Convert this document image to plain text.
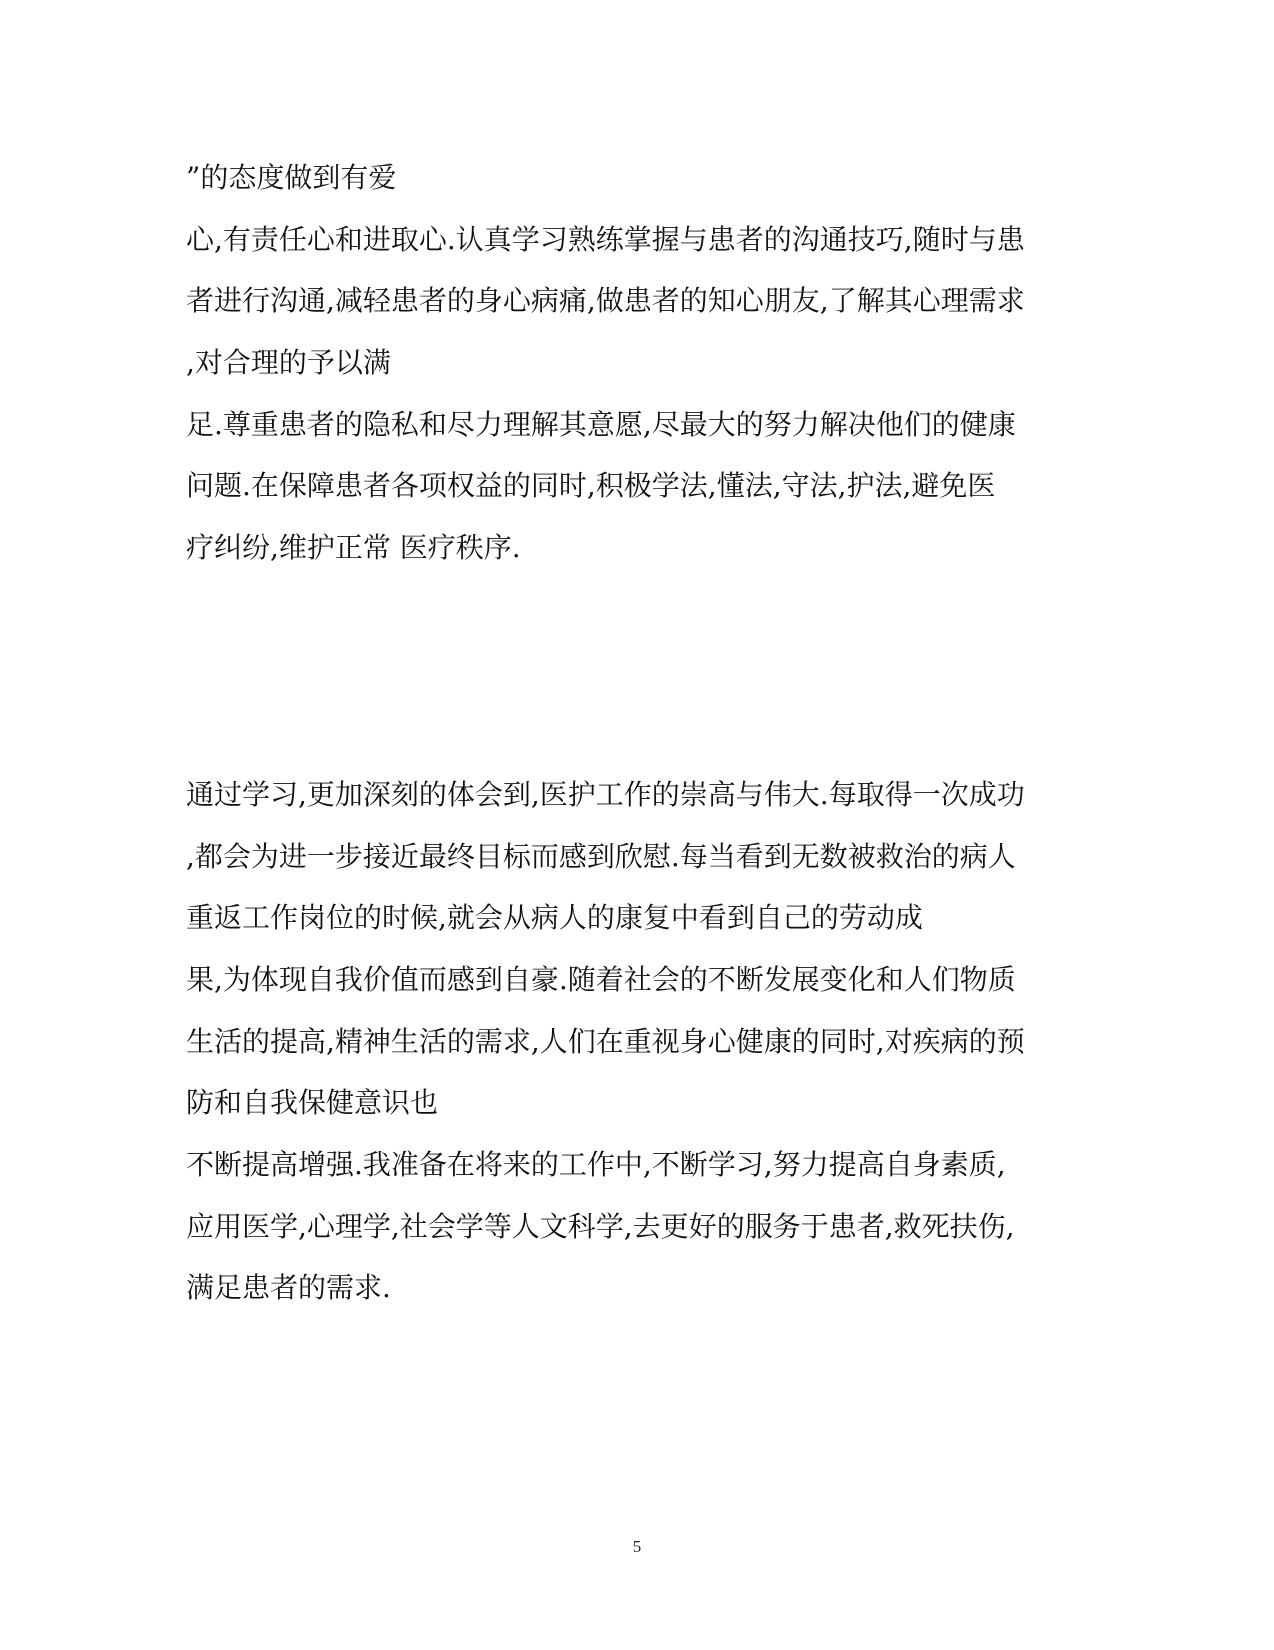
”的态度做到有爱
心,有责任心和进取心.认真学习熟练掌握与患者的沟通技巧,随时与患
者进行沟通,减轻患者的身心病痛,做患者的知心朋友,了解其心理需求
,对合理的予以满
足.尊重患者的隐私和尽力理解其意愿,尽最大的努力解决他们的健康
问题.在保障患者各项权益的同时,积极学法,懂法,守法,护法,避免医
疗纠纷,维护正常 医疗秩序.
通过学习,更加深刻的体会到,医护工作的崇高与伟大.每取得一次成功
,都会为进一步接近最终目标而感到欣慰.每当看到无数被救治的病人
重返工作岗位的时候,就会从病人的康复中看到自己的劳动成
果,为体现自我价值而感到自豪.随着社会的不断发展变化和人们物质
生活的提高,精神生活的需求,人们在重视身心健康的同时,对疾病的预
防和自我保健意识也
不断提高增强.我准备在将来的工作中,不断学习,努力提高自身素质,
应用医学,心理学,社会学等人文科学,去更好的服务于患者,救死扶伤,
满足患者的需求.
5
